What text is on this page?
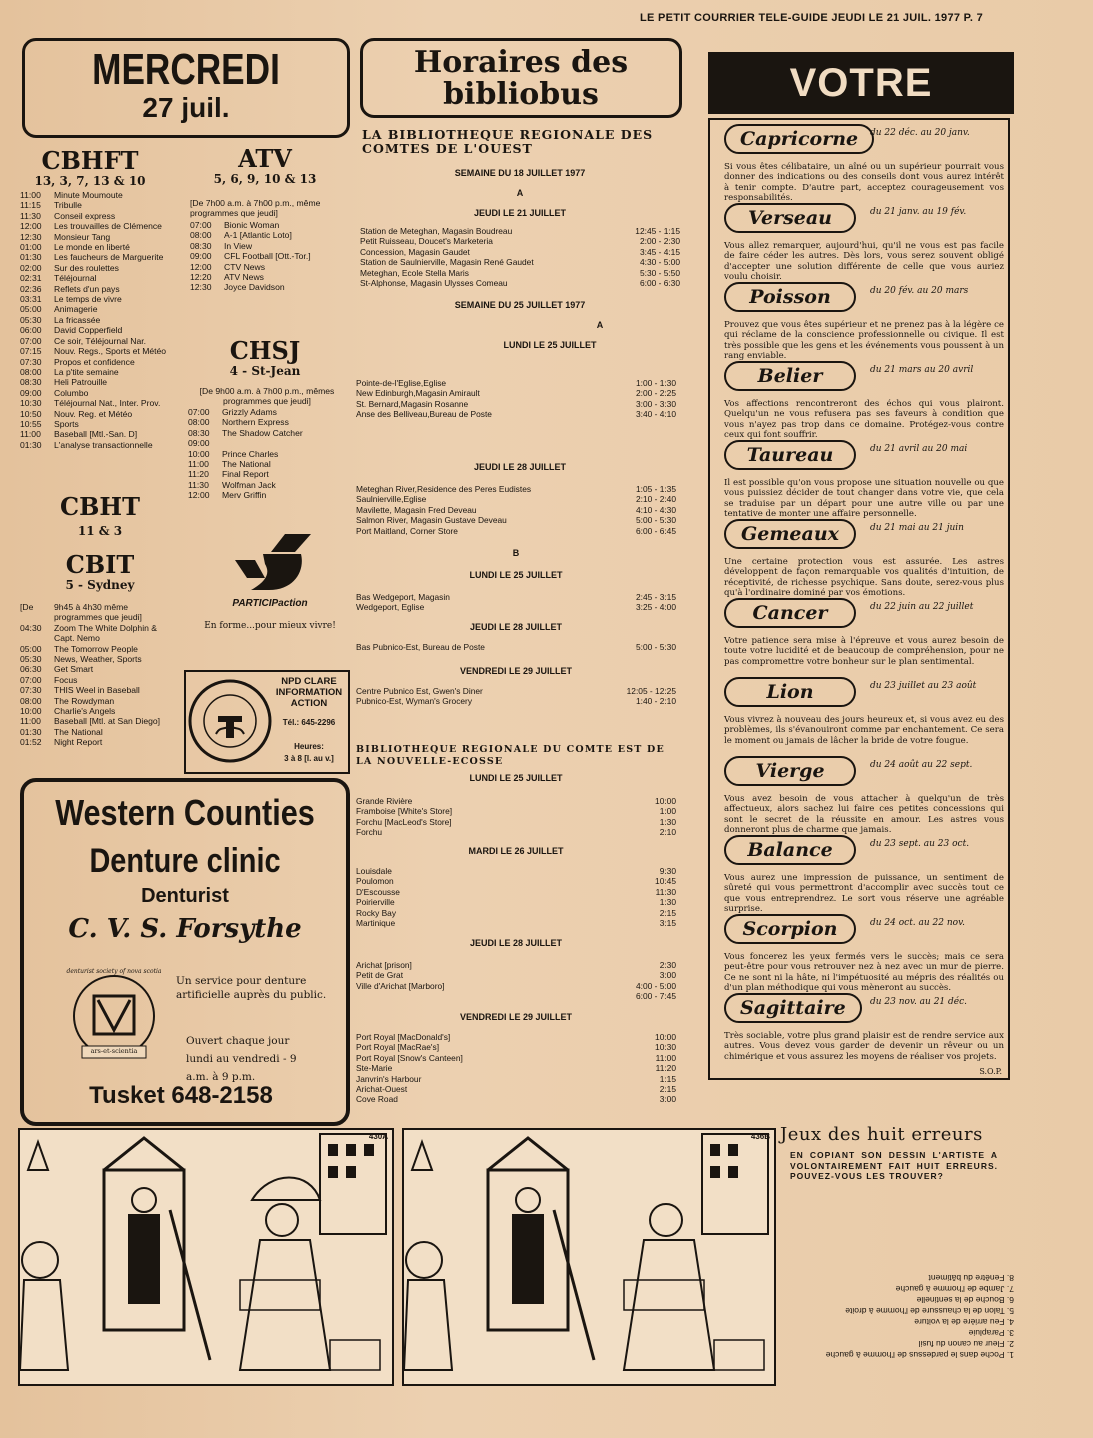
LE PETIT COURRIER TELE-GUIDE JEUDI LE 21 JUIL. 1977 P. 7
MERCREDI
27 juil.
CBHFT
13, 3, 7, 13 & 10
11:00	Minute Moumoute
11:15	Tribulle
11:30	Conseil express
12:00	Les trouvailles de Clémence
12:30	Monsieur Tang
01:00	Le monde en liberté
01:30	Les faucheurs de Marguerite
02:00	Sur des roulettes
02:31	Téléjournal
02:36	Reflets d'un pays
03:31	Le temps de vivre
05:00	Animagerie
05:30	La fricassée
06:00	David Copperfield
07:00	Ce soir, Téléjournal Nar.
07:15	Nouv. Regs., Sports et Météo
07:30	Propos et confidence
08:00	La p'tite semaine
08:30	Heli Patrouille
09:00	Columbo
10:30	Téléjournal Nat., Inter. Prov.
10:50	Nouv. Reg. et Météo
10:55	Sports
11:00	Baseball [Mtl.-San. D]
01:30	L'analyse transactionnelle
ATV
5, 6, 9, 10 & 13
[De 7h00 a.m. à 7h00 p.m., même programmes que jeudi]
07:00	Bionic Woman
08:00	A-1 [Atlantic Loto]
08:30	In View
09:00	CFL Football [Ott.-Tor.]
12:00	CTV News
12:20	ATV News
12:30	Joyce Davidson
CHSJ
4 - St-Jean
[De 9h00 a.m. à 7h00 p.m., mêmes programmes que jeudi]
07:00	Grizzly Adams
08:00	Northern Express
08:30	The Shadow Catcher
09:00
10:00	Prince Charles
11:00	The National
11:20	Final Report
11:30	Wolfman Jack
12:00	Merv Griffin
CBHT
11 & 3
CBIT
5 - Sydney
[De	9h45 à 4h30 même programmes que jeudi]
04:30	Zoom The White Dolphin & Capt. Nemo
05:00	The Tomorrow People
05:30	News, Weather, Sports
06:30	Get Smart
07:00	Focus
07:30	THIS Weel in Baseball
08:00	The Rowdyman
10:00	Charlie's Angels
11:00	Baseball [Mtl. at San Diego]
01:30	The National
01:52	Night Report
PARTICIPaction
En forme...pour mieux vivre!
NPD CLARE INFORMATION ACTION
Tél.: 645-2296
Heures:
3 à 8 [l. au v.]
Western Counties
Denture clinic
Denturist
C. V. S. Forsythe
denturist society of nova scotia
ars-et-scientia
Un service pour denture artificielle auprès du public.
Ouvert chaque jour lundi au vendredi - 9 a.m. à 9 p.m.
Tusket 648-2158
Horaires des bibliobus
LA BIBLIOTHEQUE REGIONALE DES COMTES DE L'OUEST
SEMAINE DU 18 JUILLET 1977
A
JEUDI LE 21 JUILLET
Station de Meteghan, Magasin Boudreau	12:45 - 1:15
Petit Ruisseau, Doucet's Marketeria	2:00 - 2:30
Concession, Magasin Gaudet	3:45 - 4:15
Station de Saulnierville, Magasin René Gaudet	4:30 - 5:00
Meteghan, Ecole Stella Maris	5:30 - 5:50
St-Alphonse, Magasin Ulysses Comeau	6:00 - 6:30
SEMAINE DU 25 JUILLET 1977
A
LUNDI LE 25 JUILLET
Pointe-de-l'Eglise,Eglise	1:00 - 1:30
New Edinburgh,Magasin Amirault	2:00 - 2:25
St. Bernard,Magasin Rosanne	3:00 - 3:30
Anse des Belliveau,Bureau de Poste	3:40 - 4:10
JEUDI LE 28 JUILLET
Meteghan River,Residence des Peres Eudistes	1:05 - 1:35
Saulnierville,Eglise	2:10 - 2:40
Mavilette, Magasin Fred Deveau	4:10 - 4:30
Salmon River, Magasin Gustave Deveau	5:00 - 5:30
Port Maitland, Corner Store	6:00 - 6:45
B
LUNDI LE 25 JUILLET
Bas Wedgeport, Magasin	2:45 - 3:15
Wedgeport, Eglise	3:25 - 4:00
JEUDI LE 28 JUILLET
Bas Pubnico-Est, Bureau de Poste	5:00 - 5:30
VENDREDI LE 29 JUILLET
Centre Pubnico Est, Gwen's Diner	12:05 - 12:25
Pubnico-Est, Wyman's Grocery	1:40 - 2:10
BIBLIOTHEQUE REGIONALE DU COMTE EST DE LA NOUVELLE-ECOSSE
LUNDI LE 25 JUILLET
Grande Rivière	10:00
Framboise [White's Store]	1:00
Forchu [MacLeod's Store]	1:30
Forchu	2:10
MARDI LE 26 JUILLET
Louisdale	9:30
Poulomon	10:45
D'Escousse	11:30
Poirierville	1:30
Rocky Bay	2:15
Martinique	3:15
JEUDI LE 28 JUILLET
Arichat [prison]	2:30
Petit de Grat	3:00
Ville d'Arichat [Marboro]	4:00 - 5:00
6:00 - 7:45
VENDREDI LE 29 JUILLET
Port Royal [MacDonald's]	10:00
Port Royal [MacRae's]	10:30
Port Royal [Snow's Canteen]	11:00
Ste-Marie	11:20
Janvrin's Harbour	1:15
Arichat-Ouest	2:15
Cove Road	3:00
VOTRE
S.O.P.
Capricorne du 22 déc. au 20 janv.
Si vous êtes célibataire, un aîné ou un supérieur pourrait vous donner des indications ou des conseils dont vous aurez intérêt à tenir compte. D'autre part, acceptez courageusement vos responsabilités.
Verseau	du 21 janv. au 19 fév.
Vous allez remarquer, aujourd'hui, qu'il ne vous est pas facile de faire céder les autres. Dès lors, vous serez souvent obligé d'accepter une solution différente de celle que vous auriez voulu choisir.
Poisson	du 20 fév. au 20 mars
Prouvez que vous êtes supérieur et ne prenez pas à la légère ce qui réclame de la conscience professionnelle ou civique. Il est très possible que les gens et les événements vous poussent à un rang enviable.
Belier	du 21 mars au 20 avril
Vos affections rencontreront des échos qui vous plairont. Quelqu'un ne vous refusera pas ses faveurs à condition que vous n'ayez pas trop dans ce domaine. Protégez-vous contre ceux qui font souffrir.
Taureau	du 21 avril au 20 mai
Il est possible qu'on vous propose une situation nouvelle ou que vous puissiez décider de tout changer dans votre vie, que cela se traduise par un départ pour une autre ville ou par une tentative de monter une affaire personnelle.
Gemeaux	du 21 mai au 21 juin
Une certaine protection vous est assurée. Les astres développent de façon remarquable vos qualités d'intuition, de réceptivité, de richesse psychique. Sans doute, serez-vous plus qu'à l'ordinaire dominé par vos émotions.
Cancer	du 22 juin au 22 juillet
Votre patience sera mise à l'épreuve et vous aurez besoin de toute votre lucidité et de beaucoup de compréhension, pour ne pas compromettre votre bonheur sur le plan sentimental.
Lion	du 23 juillet au 23 août
Vous vivrez à nouveau des jours heureux et, si vous avez eu des problèmes, ils s'évanouiront comme par enchantement. Ce sera le moment ou jamais de lâcher la bride de votre fougue.
Vierge	du 24 août au 22 sept.
Vous avez besoin de vous attacher à quelqu'un de très affectueux, alors sachez lui faire ces petites concessions qui sont le secret de la réussite en amour. Les astres vous donneront plus de charme que jamais.
Balance	du 23 sept. au 23 oct.
Vous aurez une impression de puissance, un sentiment de sûreté qui vous permettront d'accomplir avec succès tout ce que vous entreprendrez. Le sort vous réserve une agréable surprise.
Scorpion	du 24 oct. au 22 nov.
Vous foncerez les yeux fermés vers le succès; mais ce sera peut-être pour vous retrouver nez à nez avec un mur de pierre. Ce ne sont ni la hâte, ni l'impétuosité au mépris des réalités ou d'un plan méthodique qui vous mèneront au succès.
Sagittaire	du 23 nov. au 21 déc.
Très sociable, votre plus grand plaisir est de rendre service aux autres. Vous devez vous garder de devenir un rêveur ou un chimérique et vous assurez les moyens de réaliser vos projets.
430A	436B Jeux des huit erreurs
EN COPIANT SON DESSIN L'ARTISTE A VOLONTAIREMENT FAIT HUIT ERREURS. POUVEZ-VOUS LES TROUVER?
1. Poche dans le pardessus de l'homme à gauche
2. Fleur au canon du fusil
3. Parapluie
4. Feu arrière de la voiture
5. Talon de la chaussure de l'homme à droite
6. Bouche de la sentinelle
7. Jambe de l'homme à gauche
8. Fenêtre du bâtiment
